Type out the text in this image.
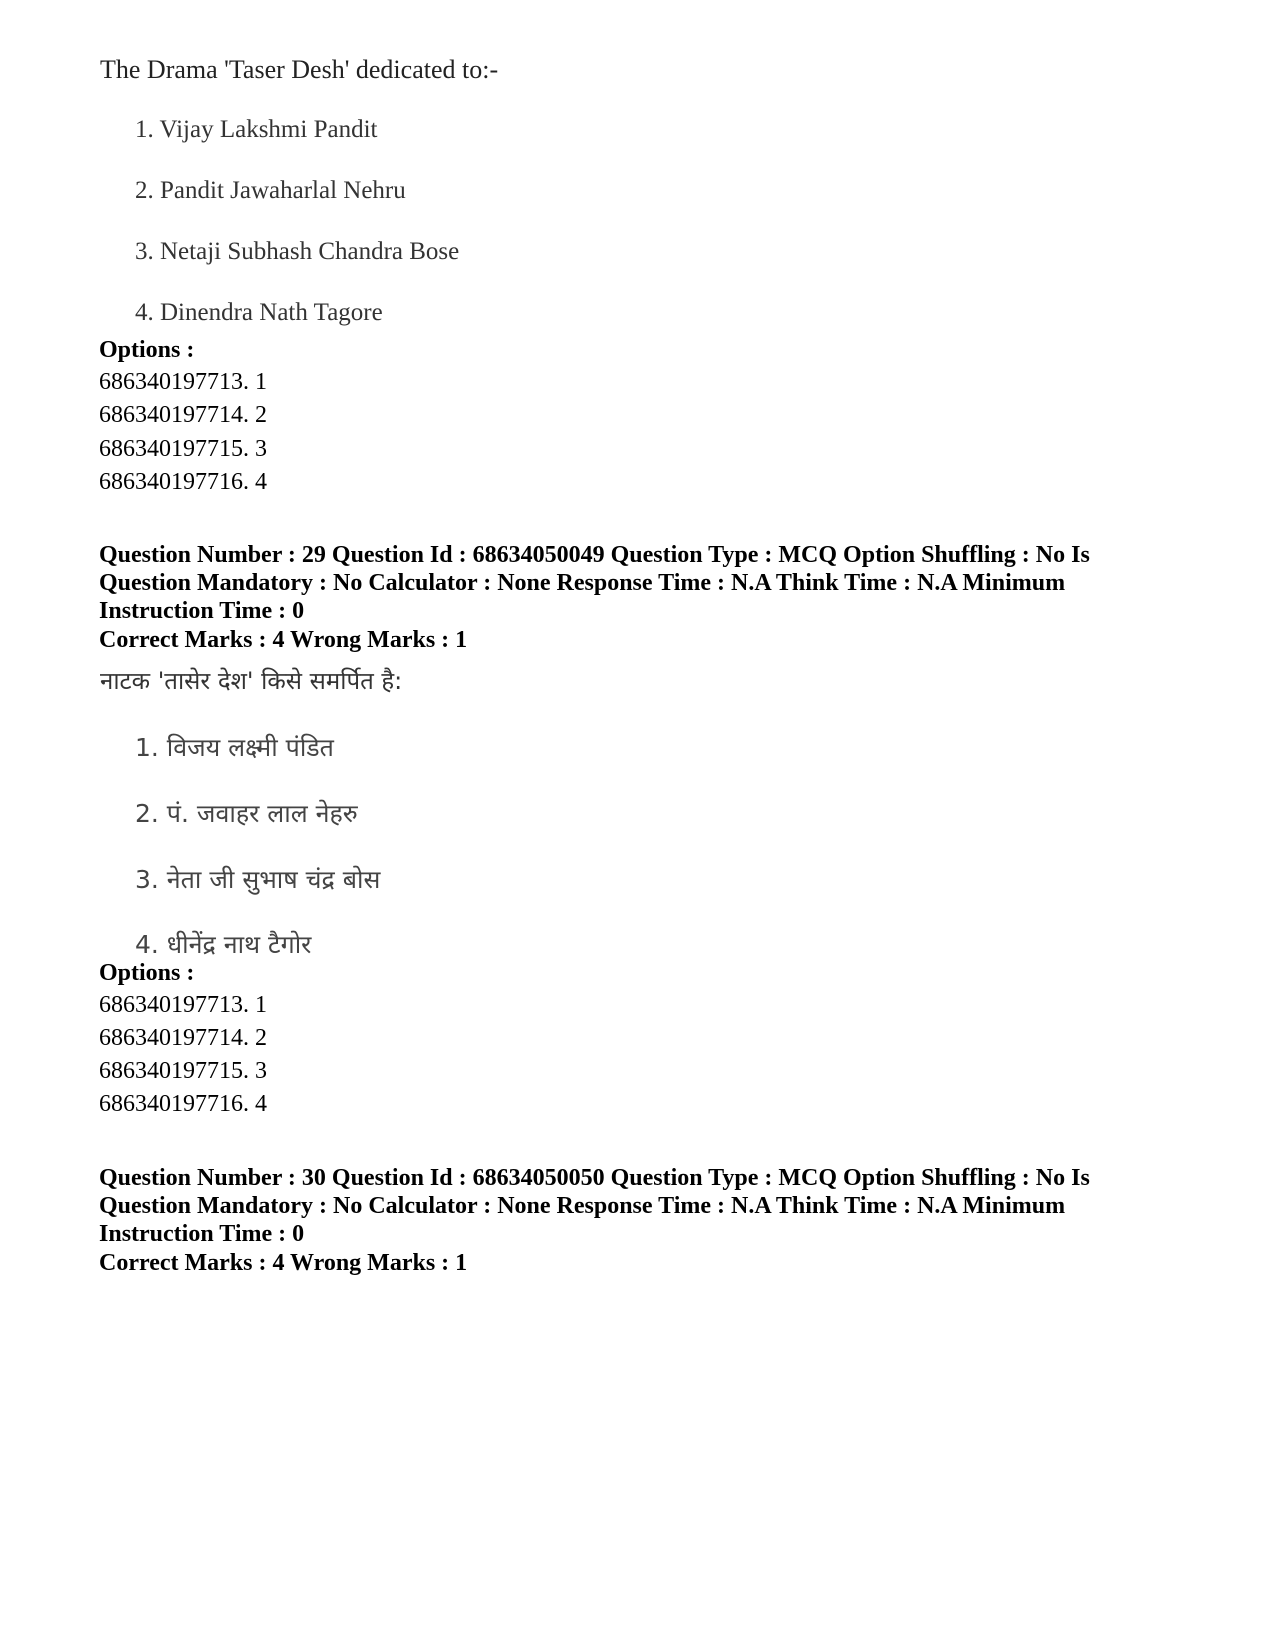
The Drama 'Taser Desh' dedicated to:-
1. Vijay Lakshmi Pandit
2. Pandit Jawaharlal Nehru
3. Netaji Subhash Chandra Bose
4. Dinendra Nath Tagore
Options :
686340197713. 1
686340197714. 2
686340197715. 3
686340197716. 4

Question Number : 29 Question Id : 68634050049 Question Type : MCQ Option Shuffling : No Is

Question Mandatory : No Calculator : None Response Time : N.A Think Time : N.A Minimum

Instruction Time : 0

Correct Marks : 4 Wrong Marks : 1
नाटक 'तासेर देश' किसे समर्पित है:
1. विजय लक्ष्मी पंडित
2. पं. जवाहर लाल नेहरु
3. नेता जी सुभाष चंद्र बोस
4. धीनेंद्र नाथ टैगोर
Options :
686340197713. 1
686340197714. 2
686340197715. 3
686340197716. 4

Question Number : 30 Question Id : 68634050050 Question Type : MCQ Option Shuffling : No Is

Question Mandatory : No Calculator : None Response Time : N.A Think Time : N.A Minimum

Instruction Time : 0

Correct Marks : 4 Wrong Marks : 1
